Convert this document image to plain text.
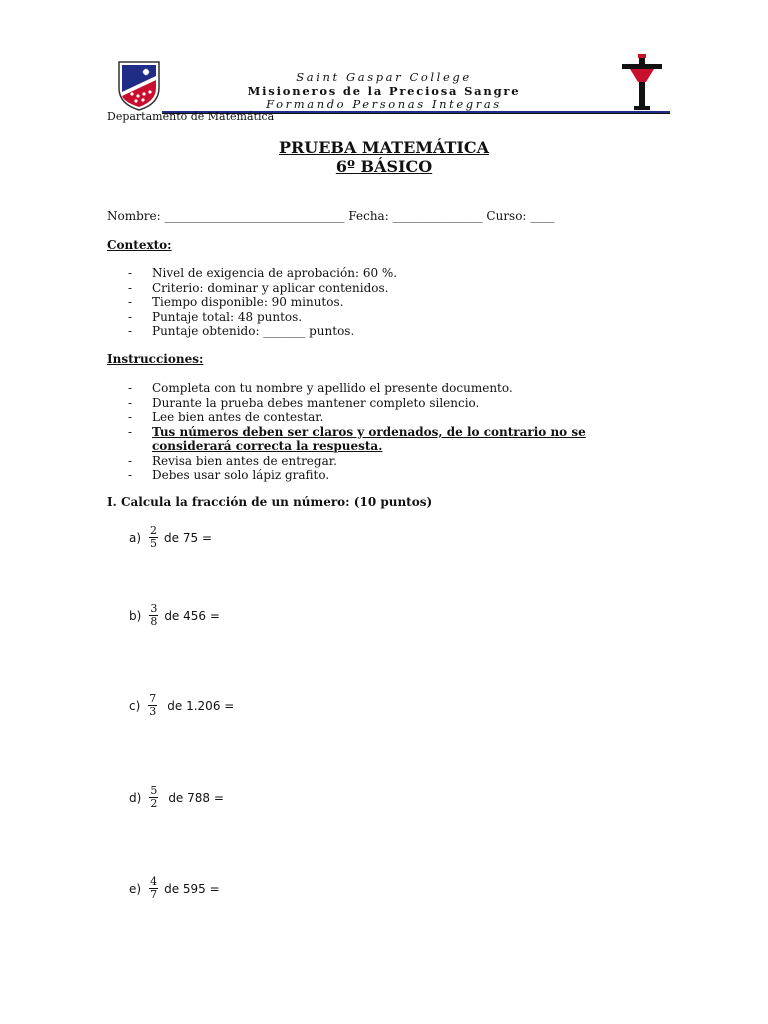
Saint Gaspar College
Misioneros de la Preciosa Sangre
Formando Personas Integras
Departamento de Matemática
PRUEBA MATEMÁTICA
6º BÁSICO
Nombre: ______________________________ Fecha: _______________ Curso: ____
Contexto:
-	Nivel de exigencia de aprobación: 60 %.
-	Criterio: dominar y aplicar contenidos.
-	Tiempo disponible: 90 minutos.
-	Puntaje total: 48 puntos.
-	Puntaje obtenido: _______ puntos.
Instrucciones:
-	Completa con tu nombre y apellido el presente documento.
-	Durante la prueba debes mantener completo silencio.
-	Lee bien antes de contestar.
-	Tus números deben ser claros y ordenados, de lo contrario no se
considerará correcta la respuesta.
-	Revisa bien antes de entregar.
-	Debes usar solo lápiz grafito.
I. Calcula la fracción de un número: (10 puntos)
$a) \frac{2}{5}$ de 75 =
$b) \frac{3}{8}$ de 456 =
$c) \frac{7}{3}$ de 1.206 =
$d) \frac{5}{2}$ de 788 =
$e) \frac{4}{7}$ de 595 =
